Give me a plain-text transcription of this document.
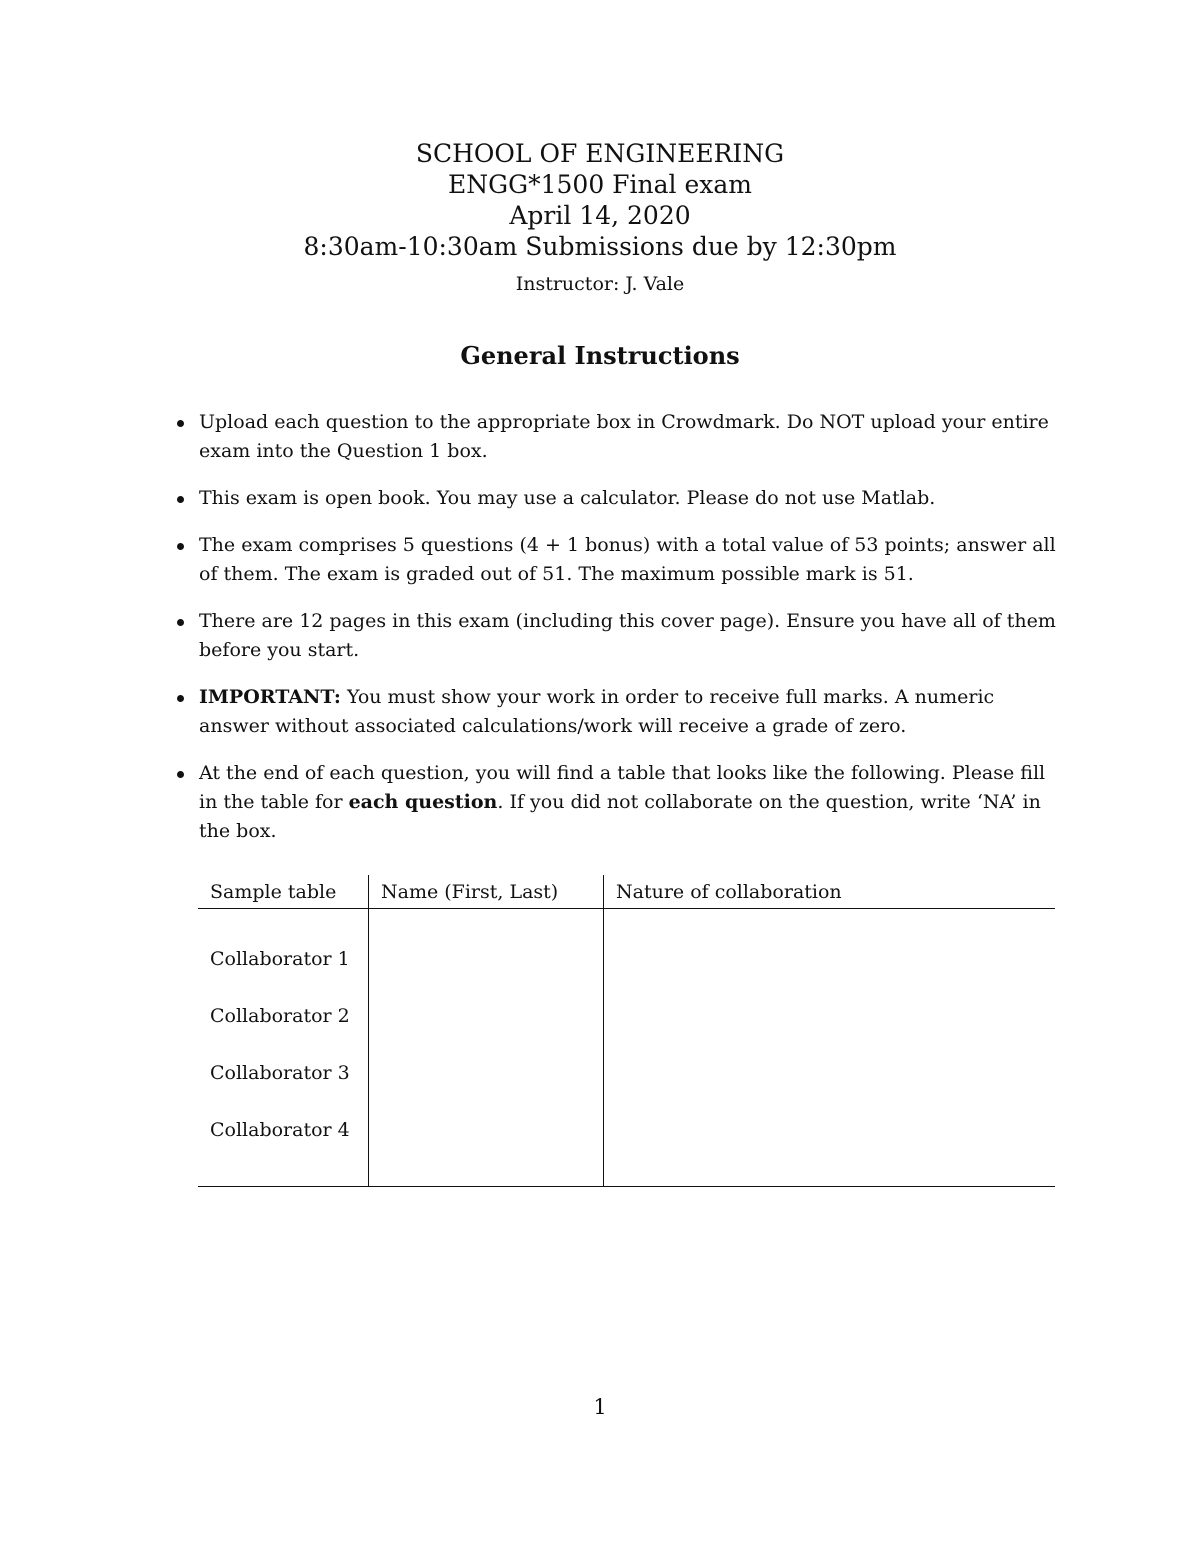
SCHOOL OF ENGINEERING
ENGG*1500 Final exam
April 14, 2020
8:30am-10:30am Submissions due by 12:30pm
Instructor: J. Vale
General Instructions
Upload each question to the appropriate box in Crowdmark. Do NOT upload your entire exam into the Question 1 box.
This exam is open book. You may use a calculator. Please do not use Matlab.
The exam comprises 5 questions (4 + 1 bonus) with a total value of 53 points; answer all of them. The exam is graded out of 51. The maximum possible mark is 51.
There are 12 pages in this exam (including this cover page). Ensure you have all of them before you start.
IMPORTANT: You must show your work in order to receive full marks. A numeric answer without associated calculations/work will receive a grade of zero.
At the end of each question, you will find a table that looks like the following. Please fill in the table for each question. If you did not collaborate on the question, write ‘NA’ in the box.
Sample table	Name (First, Last)	Nature of collaboration
Collaborator 1		
Collaborator 2		
Collaborator 3		
Collaborator 4		
1
